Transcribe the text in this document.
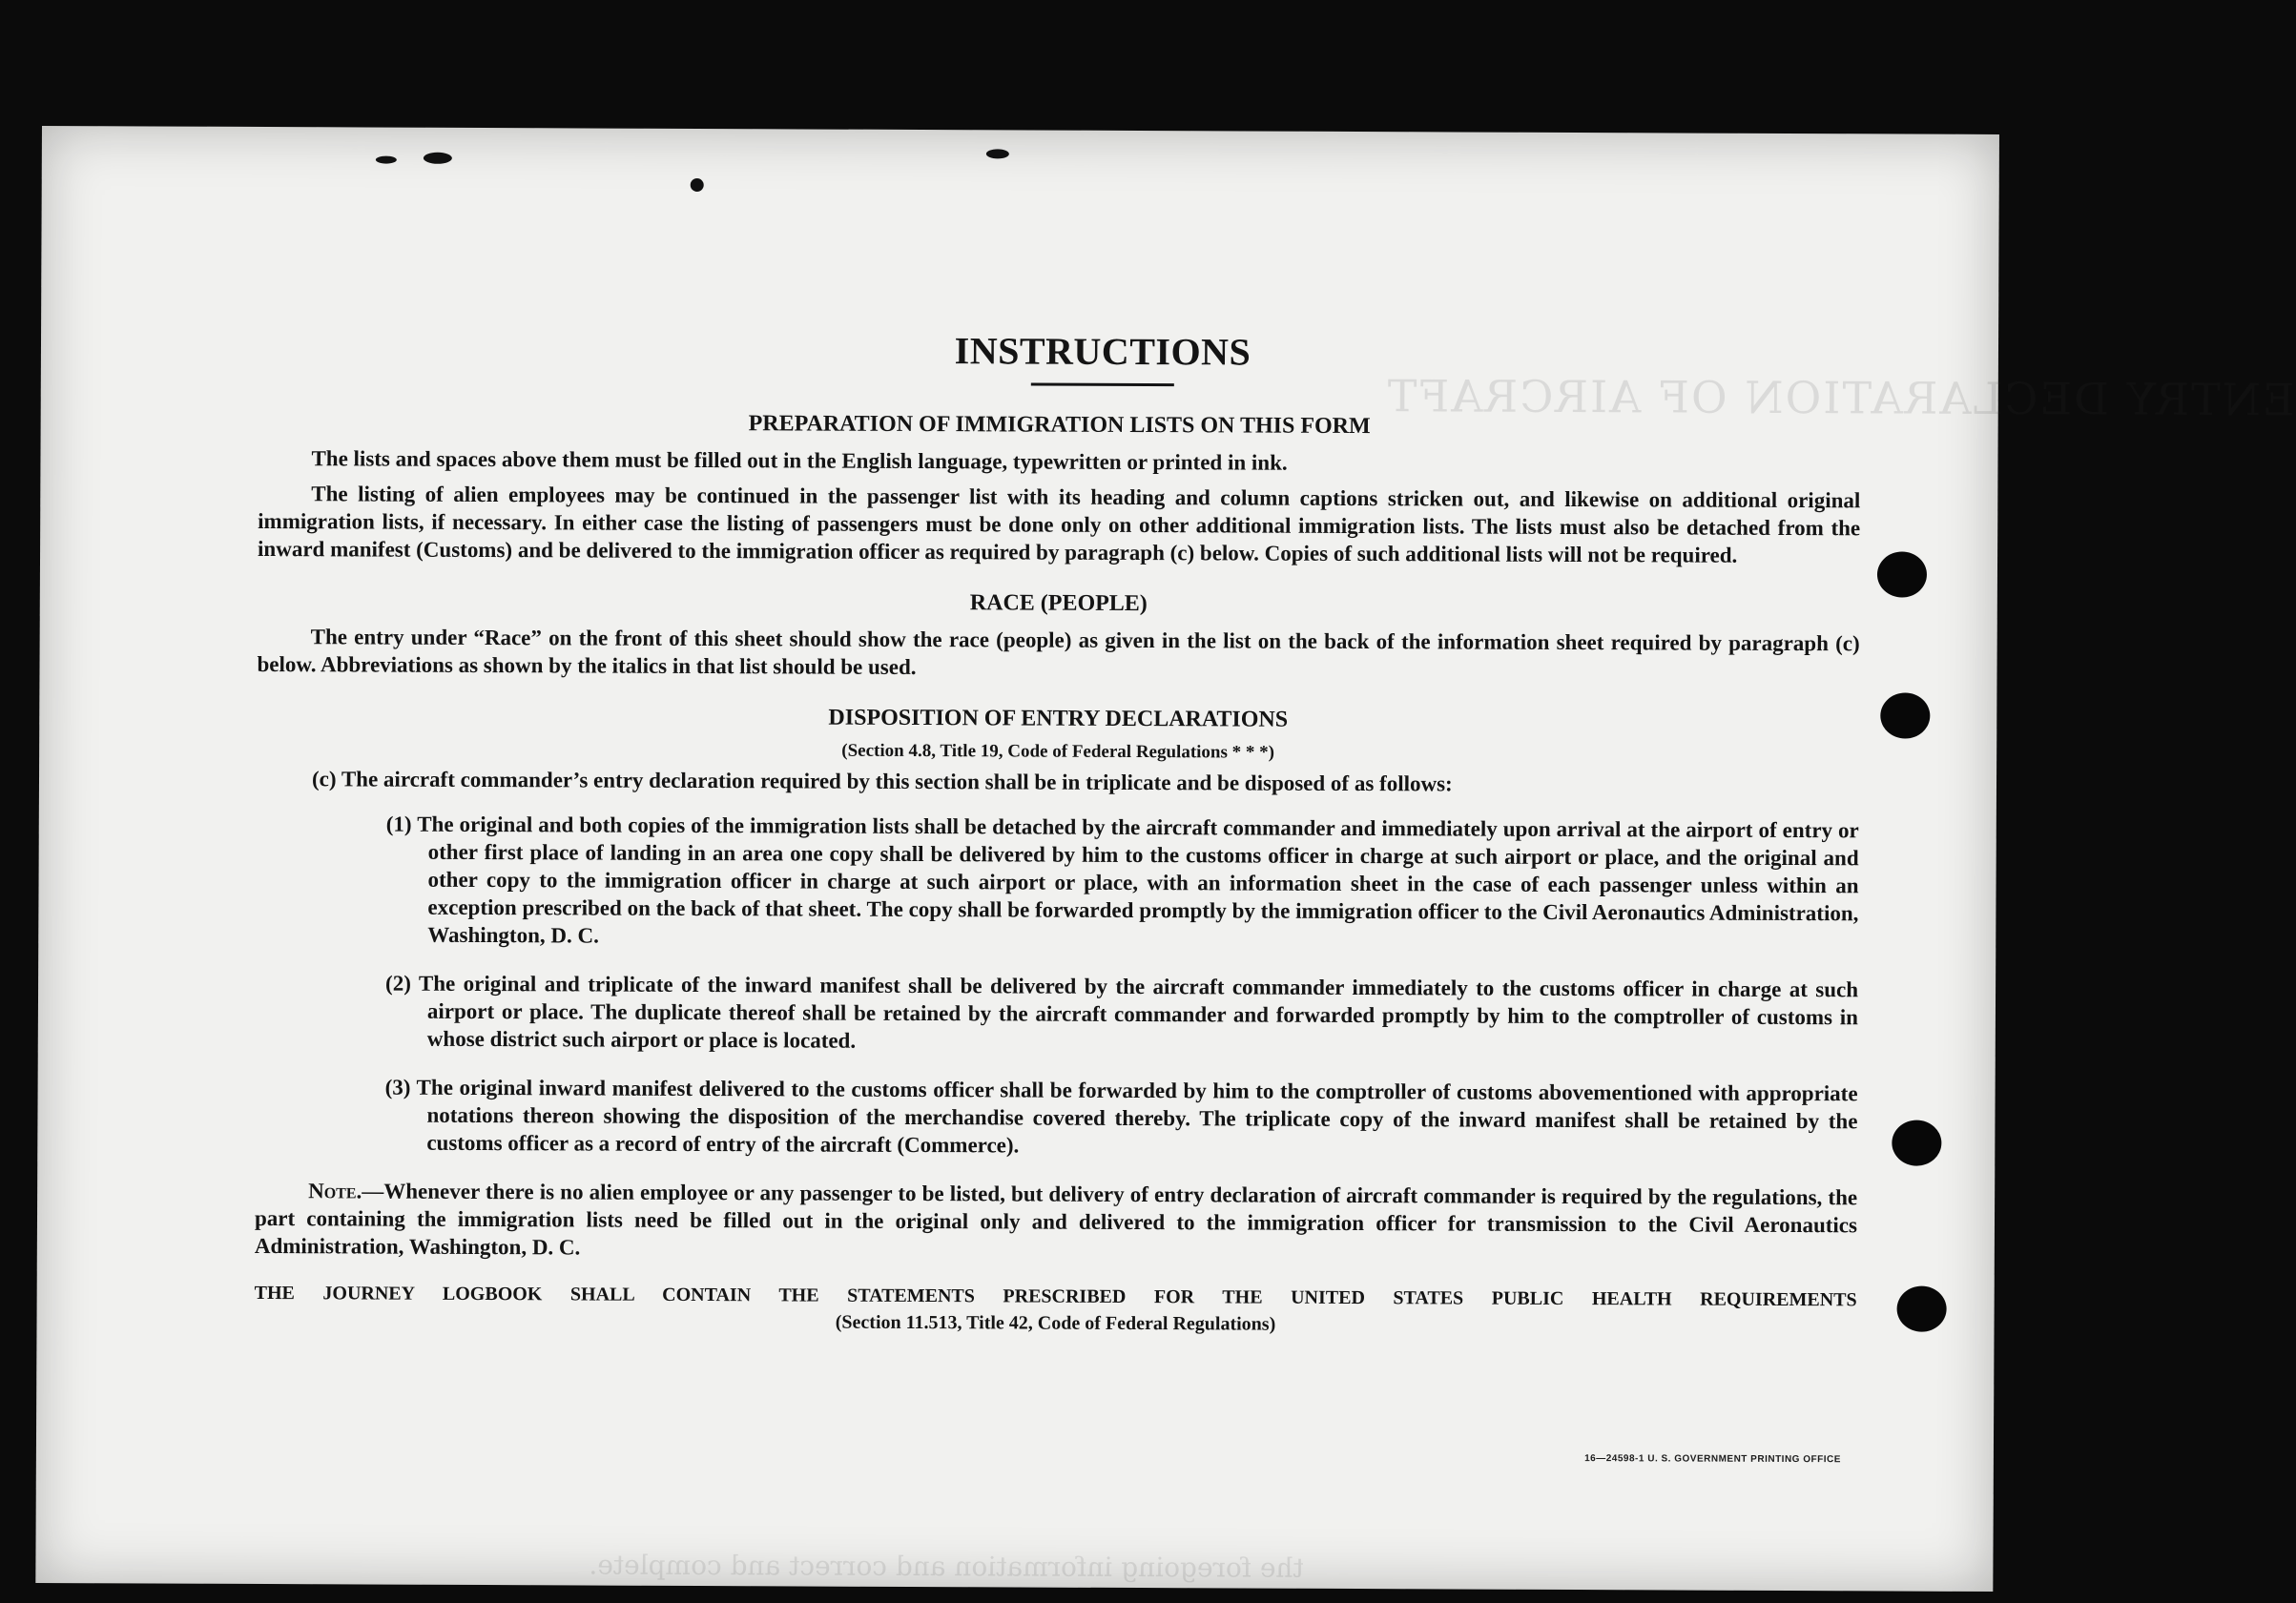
ENTRY DECLARATION OF AIRCRAFT
the foregoing information and correct and complete.
INSTRUCTIONS
PREPARATION OF IMMIGRATION LISTS ON THIS FORM

The lists and spaces above them must be filled out in the English language, typewritten or printed in ink.

The listing of alien employees may be continued in the passenger list with its heading and column captions stricken out, and likewise on additional original immigration lists, if necessary. In either case the listing of passengers must be done only on other additional immigration lists. The lists must also be detached from the inward manifest (Customs) and be delivered to the immigration officer as required by paragraph (c) below. Copies of such additional lists will not be required.

RACE (PEOPLE)

The entry under “Race” on the front of this sheet should show the race (people) as given in the list on the back of the information sheet required by paragraph (c) below. Abbreviations as shown by the italics in that list should be used.

DISPOSITION OF ENTRY DECLARATIONS
(Section 4.8, Title 19, Code of Federal Regulations * * *)

(c) The aircraft commander’s entry declaration required by this section shall be in triplicate and be disposed of as follows:

(1) The original and both copies of the immigration lists shall be detached by the aircraft commander and immediately upon arrival at the airport of entry or other first place of landing in an area one copy shall be delivered by him to the customs officer in charge at such airport or place, and the original and other copy to the immigration officer in charge at such airport or place, with an information sheet in the case of each passenger unless within an exception prescribed on the back of that sheet. The copy shall be forwarded promptly by the immigration officer to the Civil Aeronautics Administration, Washington, D. C.

(2) The original and triplicate of the inward manifest shall be delivered by the aircraft commander immediately to the customs officer in charge at such airport or place. The duplicate thereof shall be retained by the aircraft commander and forwarded promptly by him to the comptroller of customs in whose district such airport or place is located.

(3) The original inward manifest delivered to the customs officer shall be forwarded by him to the comptroller of customs abovementioned with appropriate notations thereon showing the disposition of the merchandise covered thereby. The triplicate copy of the inward manifest shall be retained by the customs officer as a record of entry of the aircraft (Commerce).

Note.—Whenever there is no alien employee or any passenger to be listed, but delivery of entry declaration of aircraft commander is required by the regulations, the part containing the immigration lists need be filled out in the original only and delivered to the immigration officer for transmission to the Civil Aeronautics Administration, Washington, D. C.

THE JOURNEY LOGBOOK SHALL CONTAIN THE STATEMENTS PRESCRIBED FOR THE UNITED STATES PUBLIC HEALTH REQUIREMENTS

(Section 11.513, Title 42, Code of Federal Regulations)
16—24598-1 U. S. GOVERNMENT PRINTING OFFICE
